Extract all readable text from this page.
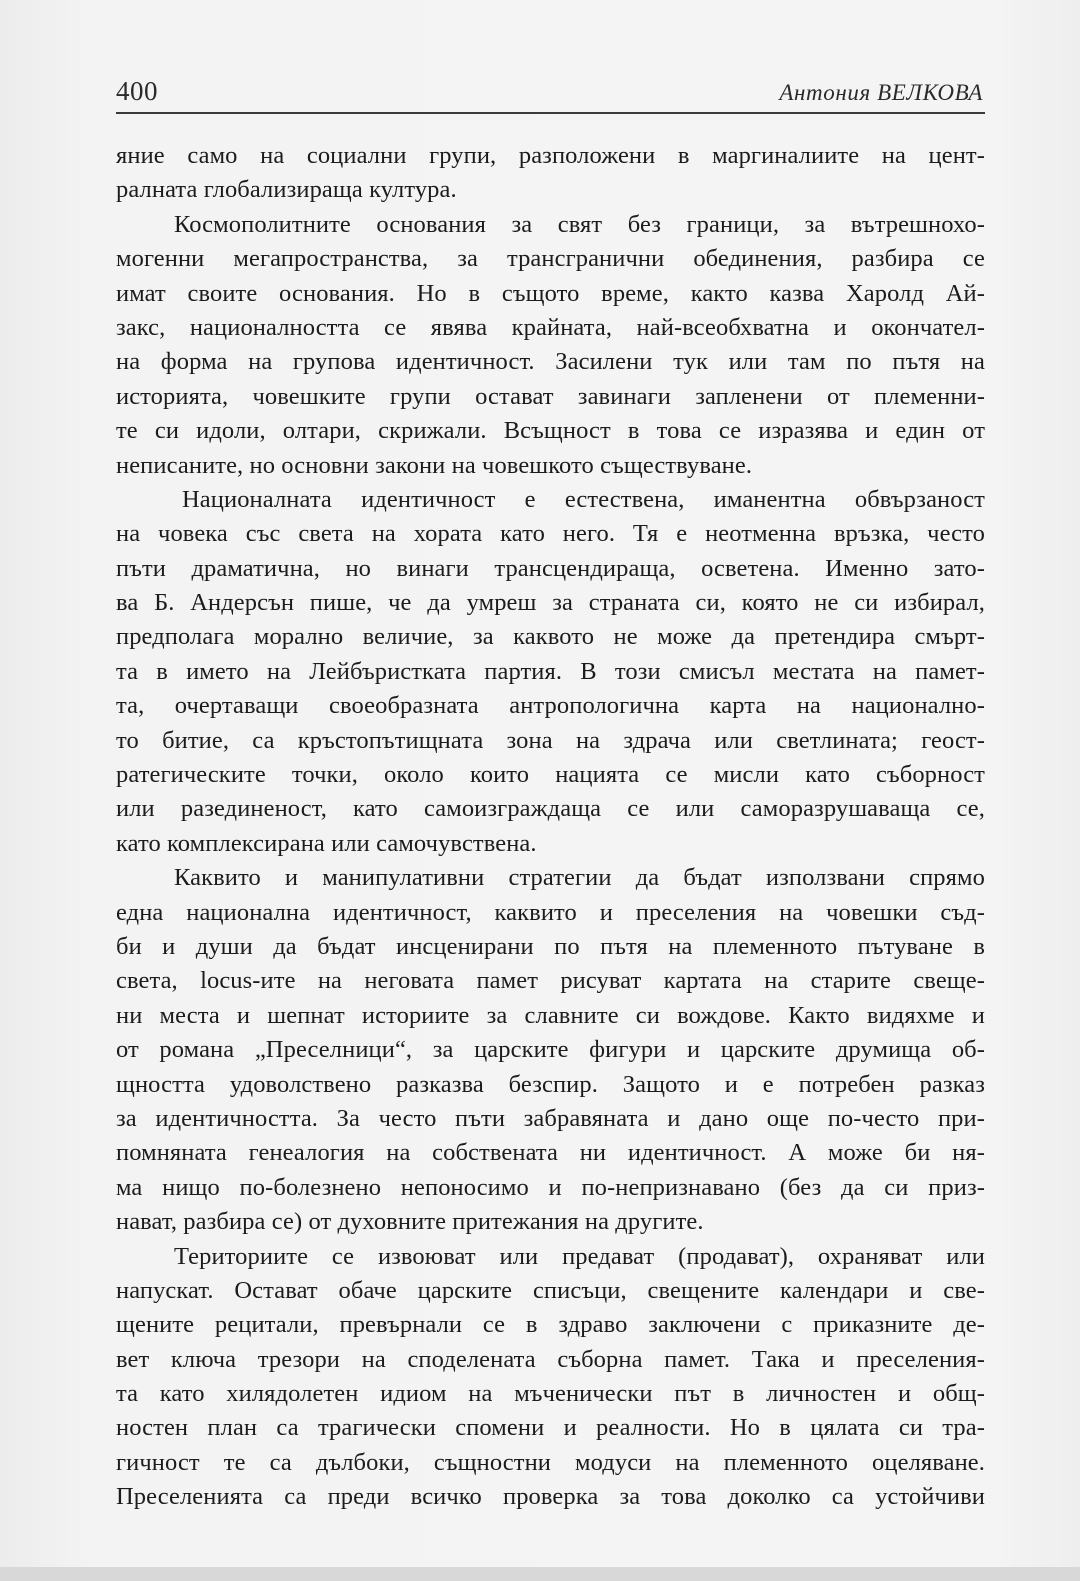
400	Антония ВЕЛКОВА
яние само на социални групи, разположени в маргиналиите на цент-
ралната глобализираща култура.
Космополитните основания за свят без граници, за вътрешнохо-
могенни мегапространства, за трансгранични обединения, разбира се
имат своите основания. Но в същото време, както казва Харолд Ай-
закс, националността се явява крайната, най-всеобхватна и окончател-
на форма на групова идентичност. Засилени тук или там по пътя на
историята, човешките групи остават завинаги запленени от племенни-
те си идоли, олтари, скрижали. Всъщност в това се изразява и един от
неписаните, но основни закони на човешкото съществуване.
Националната идентичност е естествена, иманентна обвързаност
на човека със света на хората като него. Тя е неотменна връзка, често
пъти драматична, но винаги трансцендираща, осветена. Именно зато-
ва Б. Андерсън пише, че да умреш за страната си, която не си избирал,
предполага морално величие, за каквото не може да претендира смърт-
та в името на Лейбъристката партия. В този смисъл местата на памет-
та, очертаващи своеобразната антропологична карта на национално-
то битие, са кръстопътищната зона на здрача или светлината; геост-
ратегическите точки, около които нацията се мисли като съборност
или разединеност, като самоизграждаща се или саморазрушаваща се,
като комплексирана или самочувствена.
Каквито и манипулативни стратегии да бъдат използвани спрямо
една национална идентичност, каквито и преселения на човешки съд-
би и души да бъдат инсценирани по пътя на племенното пътуване в
света, locus-ите на неговата памет рисуват картата на старите свеще-
ни места и шепнат историите за славните си вождове. Както видяхме и
от романа „Преселници“, за царските фигури и царските друмища об-
щността удоволствено разказва безспир. Защото и е потребен разказ
за идентичността. За често пъти забравяната и дано още по-често при-
помняната генеалогия на собствената ни идентичност. А може би ня-
ма нищо по-болезнено непоносимо и по-непризнавано (без да си приз-
нават, разбира се) от духовните притежания на другите.
Териториите се извоюват или предават (продават), охраняват или
напускат. Остават обаче царските списъци, свещените календари и све-
щените рецитали, превърнали се в здраво заключени с приказните де-
вет ключа трезори на споделената съборна памет. Така и преселения-
та като хилядолетен идиом на мъченически път в личностен и общ-
ностен план са трагически спомени и реалности. Но в цялата си тра-
гичност те са дълбоки, същностни модуси на племенното оцеляване.
Преселенията са преди всичко проверка за това доколко са устойчиви
